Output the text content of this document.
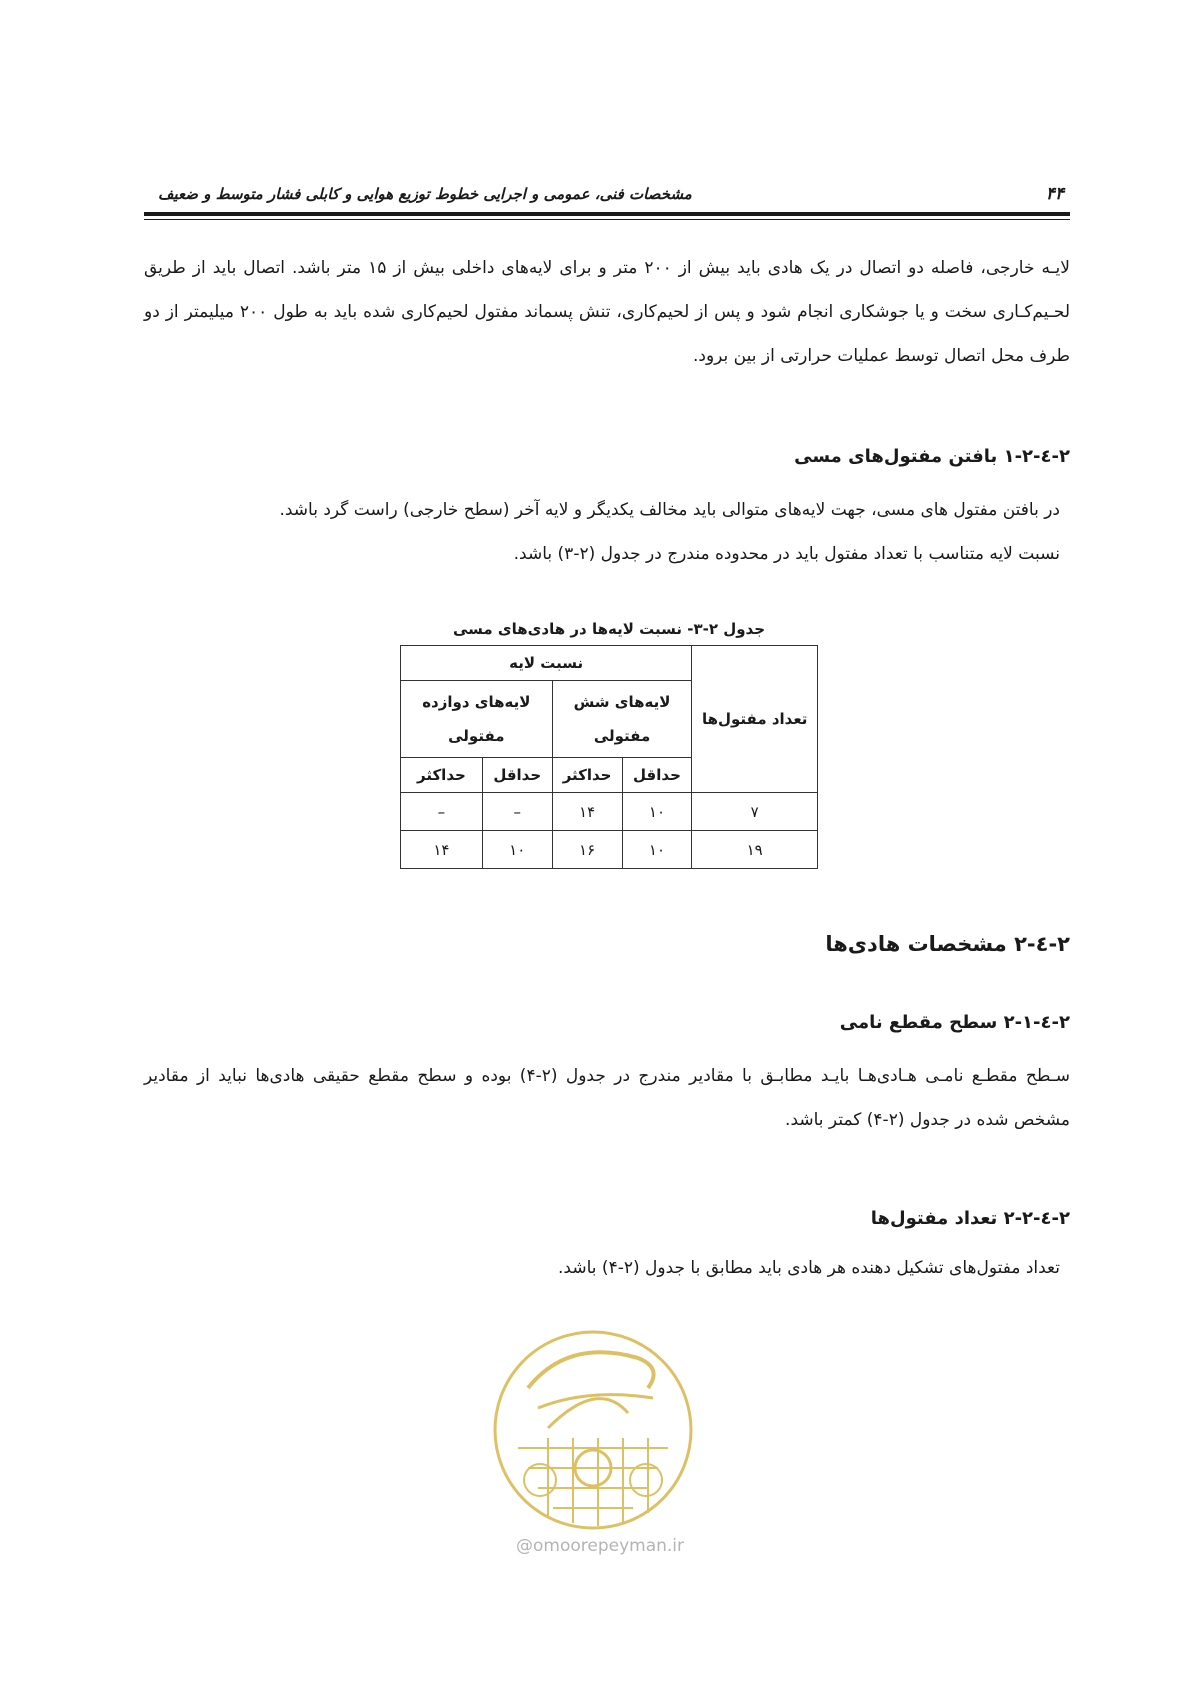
۴۴
مشخصات فنی، عمومی و اجرایی خطوط توزیع هوایی و کابلی فشار متوسط و ضعیف
لایـه خارجی، فاصله دو اتصال در یک هادی باید بیش از ۲۰۰ متر و برای لایه‌های داخلی بیش از ۱۵ متر باشد. اتصال باید از طریق لحـیم‌کـاری سخت و یا جوشکاری انجام شود و پس از لحیم‌کاری، تنش پسماند مفتول لحیم‌کاری شده باید به طول ۲۰۰ میلیمتر از دو طرف محل اتصال توسط عملیات حرارتی از بین برود.
۲-٤-۱-۲ بافتن مفتول‌های مسی
در بافتن مفتول های مسی، جهت لایه‌های متوالی باید مخالف یکدیگر و لایه آخر (سطح خارجی) راست گرد باشد.
نسبت لایه متناسب با تعداد مفتول باید در محدوده مندرج در جدول (۲-۳) باشد.
جدول ۲-۳- نسبت لایه‌ها در هادی‌های مسی
تعداد مفتول‌ها	نسبت لایه			
	لایه‌های شش مفتولی		لایه‌های دوازده مفتولی	
	حداقل	حداکثر	حداقل	حداکثر
۷	۱۰	۱۴	–	–
۱۹	۱۰	۱۶	۱۰	۱۴
۲-٤-۲ مشخصات هادی‌ها
۲-٤-۲-۱ سطح مقطع نامی
سـطح مقطـع نامـی هـادی‌هـا بایـد مطابـق با مقادیر مندرج در جدول (۲-۴) بوده و سطح مقطع حقیقی هادی‌ها نباید از مقادیر مشخص شده در جدول (۲-۴) کمتر باشد.
۲-٤-۲-۲ تعداد مفتول‌ها
تعداد مفتول‌های تشکیل دهنده هر هادی باید مطابق با جدول (۲-۴) باشد.
@omoorepeyman.ir
